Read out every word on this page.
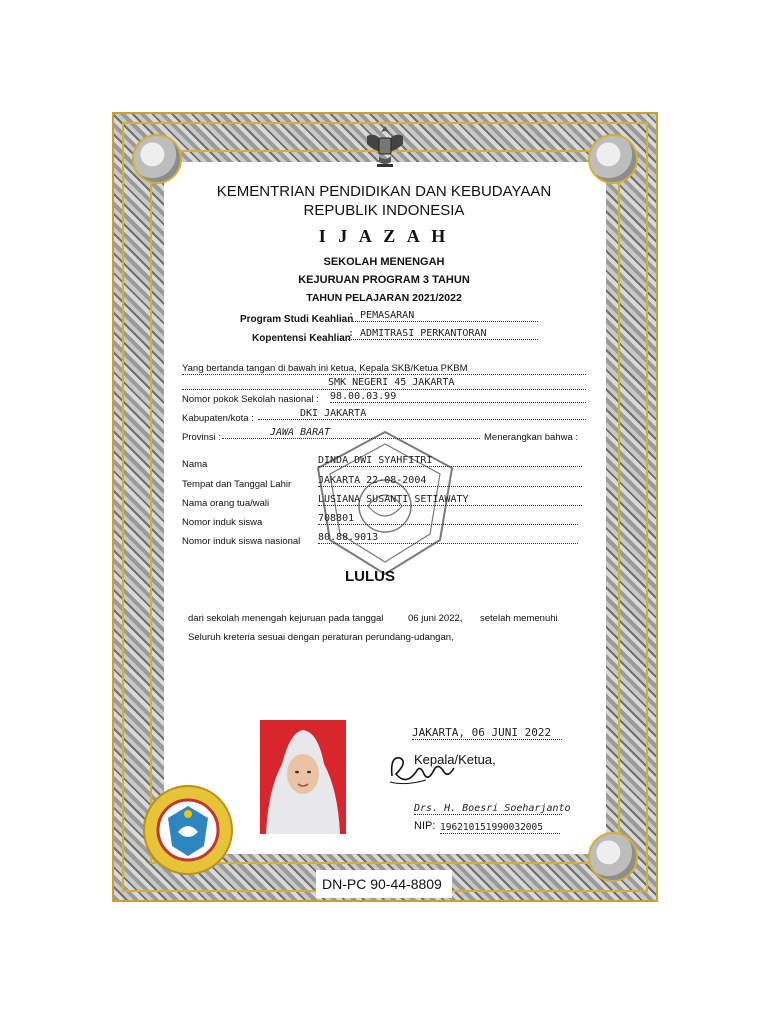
KEMENTRIAN PENDIDIKAN DAN KEBUDAYAAN
REPUBLIK INDONESIA
I J A Z A H
SEKOLAH MENENGAH
KEJURUAN PROGRAM 3 TAHUN
TAHUN PELAJARAN 2021/2022
Program Studi Keahlian
: PEMASARAN
Kopentensi Keahlian
: ADMITRASI PERKANTORAN
Yang bertanda tangan di bawah ini ketua, Kepala SKB/Ketua PKBM
SMK NEGERI 45 JAKARTA
Nomor pokok Sekolah nasional : 98.00.03.99
Kabupaten/kota :	DKI JAKARTA
Provinsi :	JAWA BARAT	Menerangkan bahwa :
Nama	DINDA DWI SYAHFITRI
Tempat dan Tanggal Lahir	JAKARTA 22-08-2004
Nama orang tua/wali	LUSIANA SUSANTI SETIAWATY
Nomor induk siswa	708801
Nomor induk siswa nasional 80.88.9013
LULUS
dari sekolah menengah kejuruan pada tanggal	06 juni 2022, setelah memenuhi
Seluruh kreteria sesuai dengan peraturan perundang-udangan,
JAKARTA, 06 JUNI 2022
Kepala/Ketua,
Drs. H. Boesri Soeharjanto
NIP: 196210151990032005
DN-PC 90-44-8809
